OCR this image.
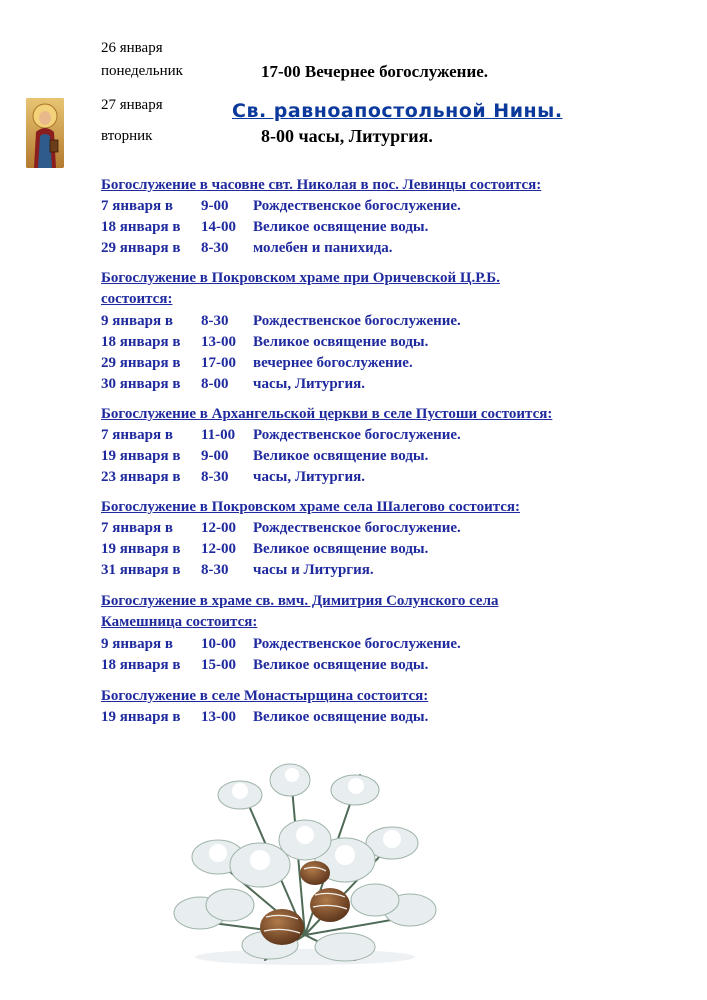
26 января
понедельник	17-00 Вечернее богослужение.
27 января	Св. равноапостольной Нины.
вторник	8-00 часы, Литургия.
Богослужение в часовне свт. Николая в пос. Левинцы состоится:
7 января в 9-00 Рождественское богослужение.
18 января в 14-00 Великое освящение воды.
29 января в 8-30 молебен и панихида.
Богослужение в Покровском храме при Оричевской Ц.Р.Б.
состоится:
9 января в 8-30 Рождественское богослужение.
18 января в 13-00 Великое освящение воды.
29 января в 17-00 вечернее богослужение.
30 января в 8-00 часы, Литургия.
Богослужение в Архангельской церкви в селе Пустоши состоится:
7 января в 11-00 Рождественское богослужение.
19 января в 9-00 Великое освящение воды.
23 января в 8-30 часы, Литургия.
Богослужение в Покровском храме села Шалегово состоится:
7 января в 12-00 Рождественское богослужение.
19 января в 12-00 Великое освящение воды.
31 января в 8-30 часы и Литургия.
Богослужение в храме св. вмч. Димитрия Солунского села
Камешница состоится:
9 января в 10-00 Рождественское богослужение.
18 января в 15-00 Великое освящение воды.
Богослужение в селе Монастырщина состоится:
19 января в 13-00 Великое освящение воды.
